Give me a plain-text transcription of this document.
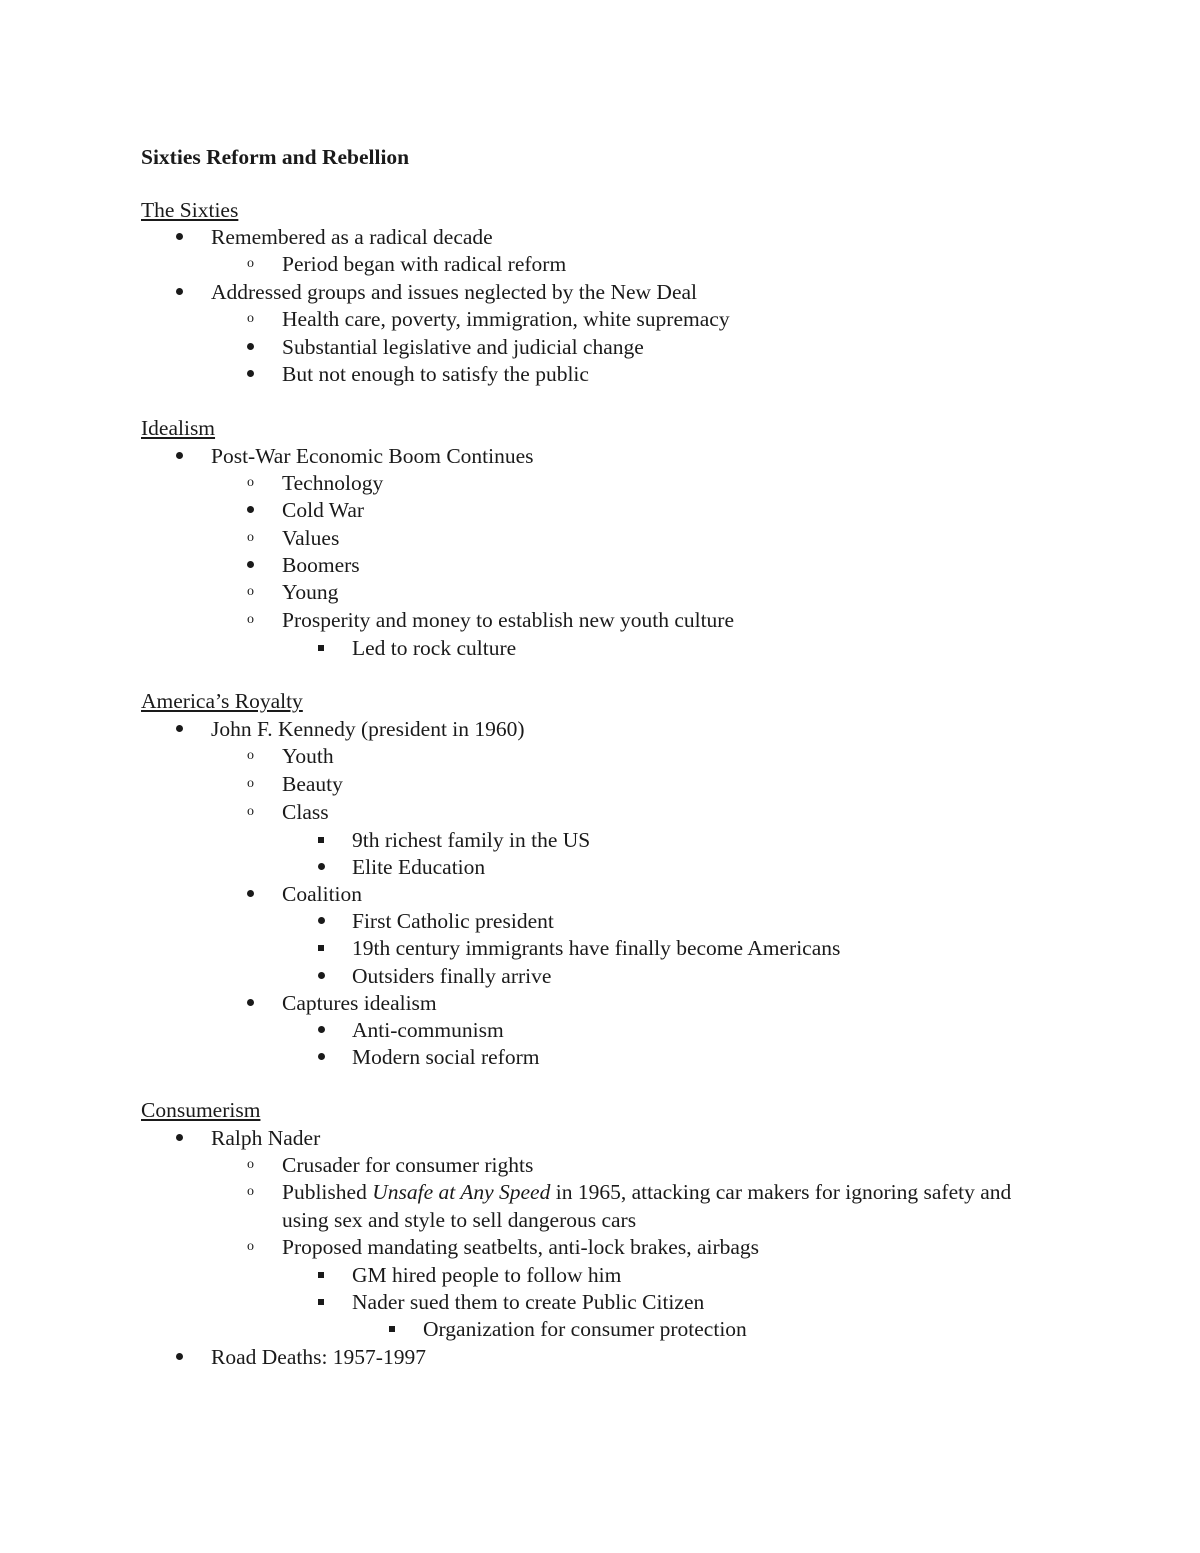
Sixties Reform and Rebellion
The Sixties
Remembered as a radical decade
o Period began with radical reform
Addressed groups and issues neglected by the New Deal
o Health care, poverty, immigration, white supremacy
Substantial legislative and judicial change
But not enough to satisfy the public
Idealism
Post-War Economic Boom Continues
o Technology
Cold War
o Values
Boomers
o Young
o Prosperity and money to establish new youth culture
Led to rock culture
America’s Royalty
John F. Kennedy (president in 1960)
o Youth
o Beauty
o Class
9th richest family in the US
Elite Education
Coalition
First Catholic president
19th century immigrants have finally become Americans
Outsiders finally arrive
Captures idealism
Anti-communism
Modern social reform
Consumerism
Ralph Nader
o Crusader for consumer rights
o Published Unsafe at Any Speed in 1965, attacking car makers for ignoring safety and using sex and style to sell dangerous cars
o Proposed mandating seatbelts, anti-lock brakes, airbags
GM hired people to follow him
Nader sued them to create Public Citizen
Organization for consumer protection
Road Deaths: 1957-1997
